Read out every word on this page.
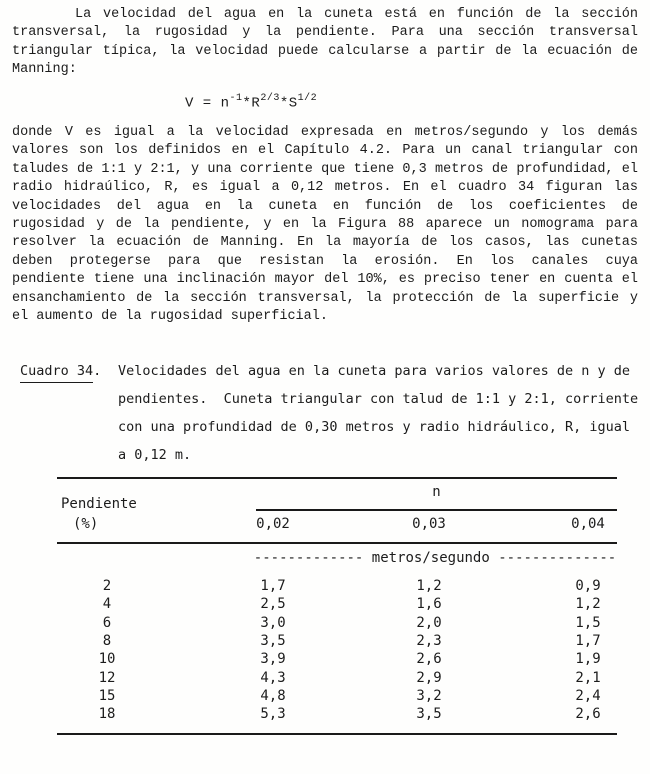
La velocidad del agua en la cuneta está en función de la sección
transversal, la rugosidad y la pendiente. Para una sección transversal
triangular típica, la velocidad puede calcularse a partir de la ecuación de
Manning:
$V = n^{-1}*R^{2/3}*S^{1/2}$
donde V es igual a la velocidad expresada en metros/segundo y los demás
valores son los definidos en el Capítulo 4.2. Para un canal triangular con
taludes de 1:1 y 2:1, y una corriente que tiene 0,3 metros de profundidad, el
radio hidraúlico, R, es igual a 0,12 metros. En el cuadro 34 figuran las
velocidades del agua en la cuneta en función de los coeficientes de
rugosidad y de la pendiente, y en la Figura 88 aparece un nomograma para
resolver la ecuación de Manning. En la mayoría de los casos, las cunetas
deben protegerse para que resistan la erosión. En los canales cuya
pendiente tiene una inclinación mayor del 10%, es preciso tener en cuenta el
ensanchamiento de la sección transversal, la protección de la superficie y
el aumento de la rugosidad superficial.
Cuadro 34. Velocidades del agua en la cuneta para varios valores de n y de
pendientes.  Cuneta triangular con talud de 1:1 y 2:1, corriente
con una profundidad de 0,30 metros y radio hidráulico, R, igual
a 0,12 m.
n
Pendiente
(%)	0,02	0,03	0,04
------------- metros/segundo --------------
2	1,7	1,2	0,9
4	2,5	1,6	1,2
6	3,0	2,0	1,5
8	3,5	2,3	1,7
10	3,9	2,6	1,9
12	4,3	2,9	2,1
15	4,8	3,2	2,4
18	5,3	3,5	2,6
